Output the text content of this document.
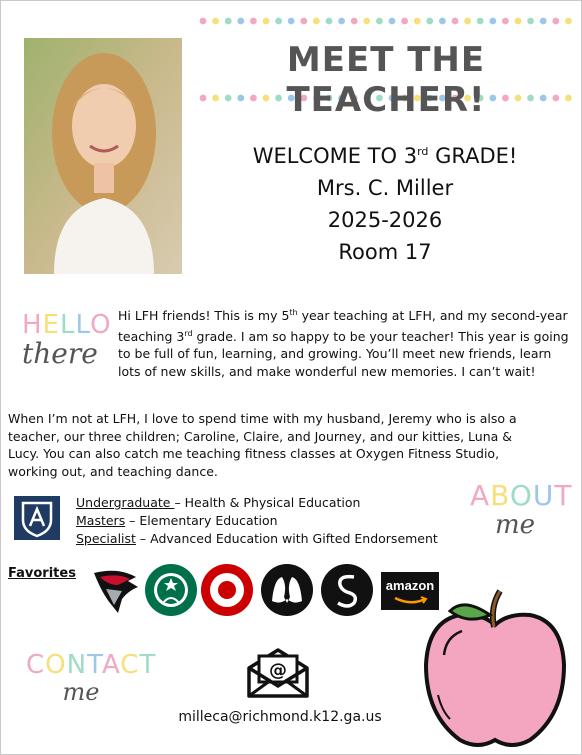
MEET THE TEACHER!
WELCOME TO 3rd GRADE!
Mrs. C. Miller
2025-2026
Room 17
HELLO
there
Hi LFH friends! This is my 5th year teaching at LFH, and my second-year teaching 3rd grade. I am so happy to be your teacher! This year is going to be full of fun, learning, and growing. You’ll meet new friends, learn lots of new skills, and make wonderful new memories. I can’t wait!
When I’m not at LFH, I love to spend time with my husband, Jeremy who is also a teacher, our three children; Caroline, Claire, and Journey, and our kitties, Luna & Lucy. You can also catch me teaching fitness classes at Oxygen Fitness Studio, working out, and teaching dance.
Undergraduate – Health & Physical Education
Masters – Elementary Education
Specialist – Advanced Education with Gifted Endorsement
ABOUT
me
Favorites
amazon
CONTACT
me
@
milleca@richmond.k12.ga.us
